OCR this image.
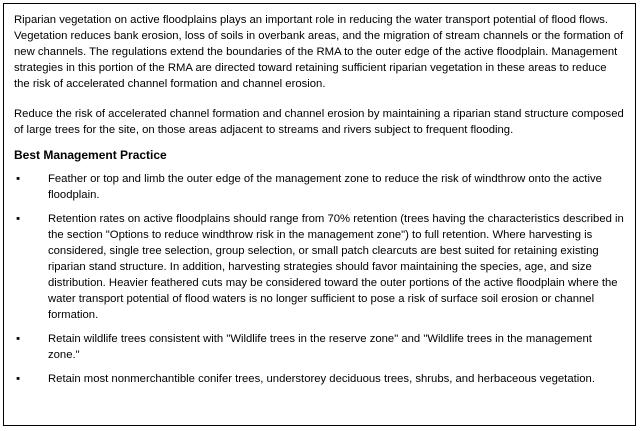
Riparian vegetation on active floodplains plays an important role in reducing the water transport potential of flood flows. Vegetation reduces bank erosion, loss of soils in overbank areas, and the migration of stream channels or the formation of new channels. The regulations extend the boundaries of the RMA to the outer edge of the active floodplain. Management strategies in this portion of the RMA are directed toward retaining sufficient riparian vegetation in these areas to reduce the risk of accelerated channel formation and channel erosion.

Reduce the risk of accelerated channel formation and channel erosion by maintaining a riparian stand structure composed of large trees for the site, on those areas adjacent to streams and rivers subject to frequent flooding.

Best Management Practice
▪ Feather or top and limb the outer edge of the management zone to reduce the risk of windthrow onto the active floodplain.
▪ Retention rates on active floodplains should range from 70% retention (trees having the characteristics described in the section "Options to reduce windthrow risk in the management zone") to full retention. Where harvesting is considered, single tree selection, group selection, or small patch clearcuts are best suited for retaining existing riparian stand structure. In addition, harvesting strategies should favor maintaining the species, age, and size distribution. Heavier feathered cuts may be considered toward the outer portions of the active floodplain where the water transport potential of flood waters is no longer sufficient to pose a risk of surface soil erosion or channel formation.
▪ Retain wildlife trees consistent with "Wildlife trees in the reserve zone" and "Wildlife trees in the management zone."
▪ Retain most nonmerchantible conifer trees, understorey deciduous trees, shrubs, and herbaceous vegetation.
